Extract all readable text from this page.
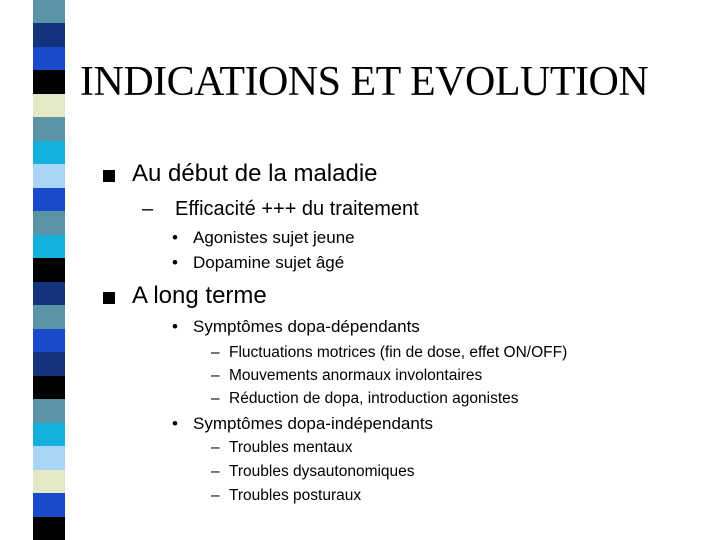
INDICATIONS ET EVOLUTION
Au début de la maladie
– Efficacité +++ du traitement
• Agonistes sujet jeune
• Dopamine sujet âgé
A long terme
• Symptômes dopa-dépendants
– Fluctuations motrices (fin de dose, effet ON/OFF)
– Mouvements anormaux involontaires
– Réduction de dopa, introduction agonistes
• Symptômes dopa-indépendants
– Troubles mentaux
– Troubles dysautonomiques
– Troubles posturaux
